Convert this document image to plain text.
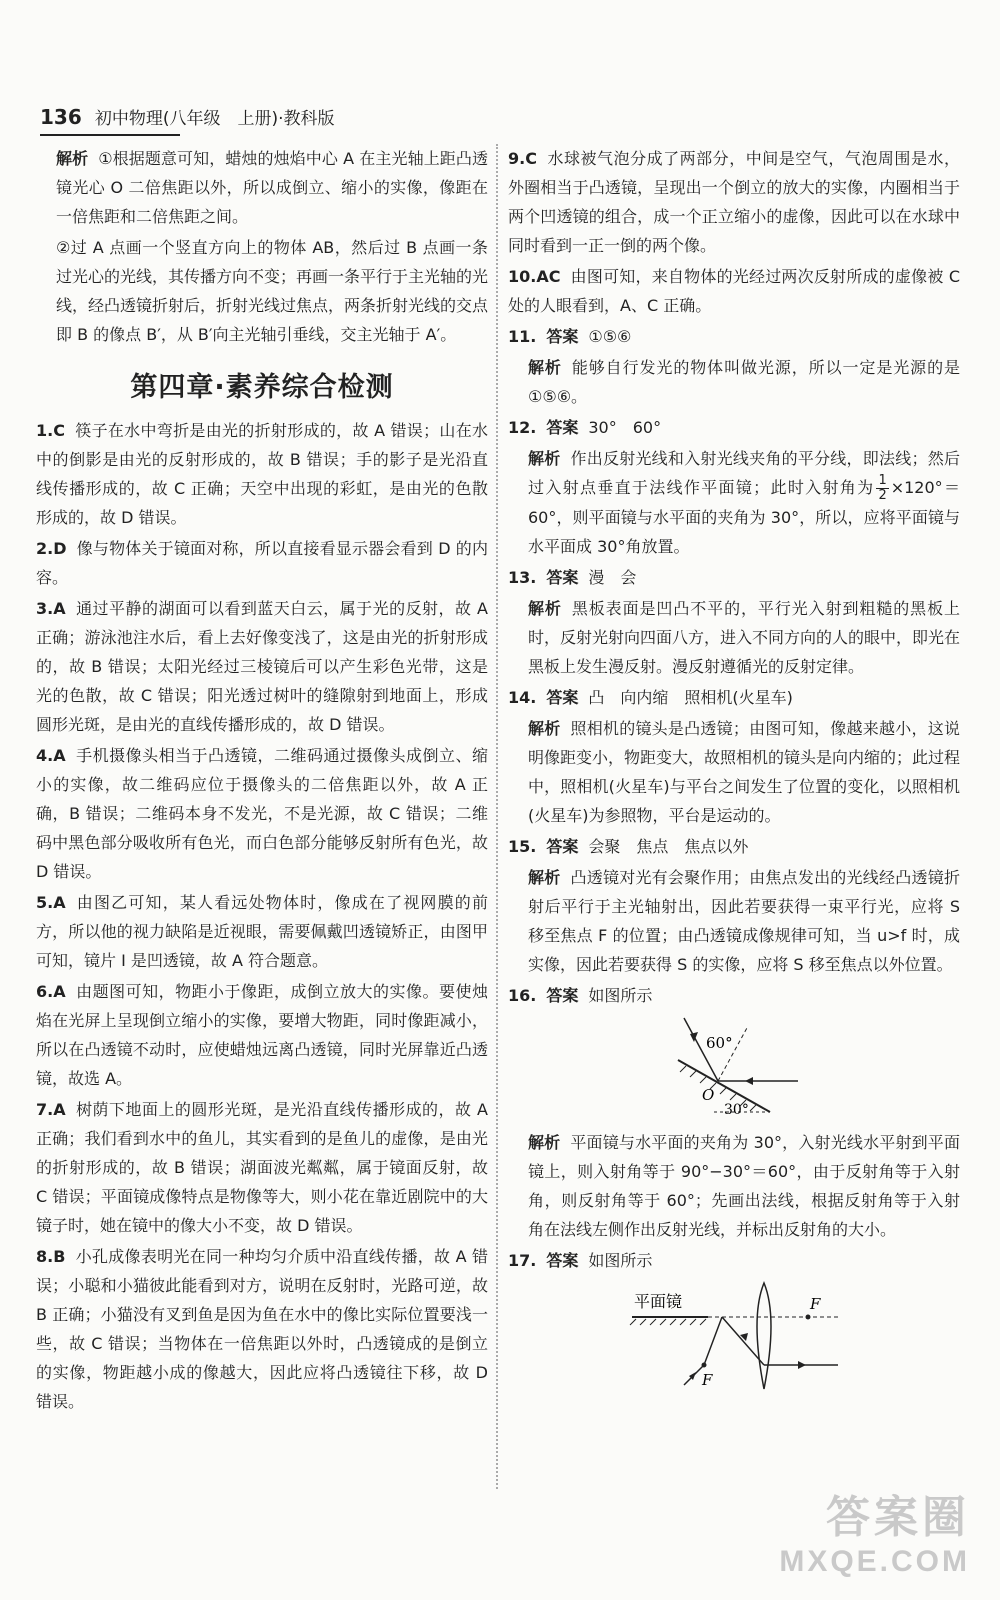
136 初中物理(八年级　上册)·教科版

解析 ①根据题意可知，蜡烛的烛焰中心 A 在主光轴上距凸透镜光心 O 二倍焦距以外，所以成倒立、缩小的实像，像距在一倍焦距和二倍焦距之间。

②过 A 点画一个竖直方向上的物体 AB，然后过 B 点画一条过光心的光线，其传播方向不变；再画一条平行于主光轴的光线，经凸透镜折射后，折射光线过焦点，两条折射光线的交点即 B 的像点 B′，从 B′向主光轴引垂线，交主光轴于 A′。

第四章·素养综合检测

1.C 筷子在水中弯折是由光的折射形成的，故 A 错误；山在水中的倒影是由光的反射形成的，故 B 错误；手的影子是光沿直线传播形成的，故 C 正确；天空中出现的彩虹，是由光的色散形成的，故 D 错误。

2.D 像与物体关于镜面对称，所以直接看显示器会看到 D 的内容。

3.A 通过平静的湖面可以看到蓝天白云，属于光的反射，故 A 正确；游泳池注水后，看上去好像变浅了，这是由光的折射形成的，故 B 错误；太阳光经过三棱镜后可以产生彩色光带，这是光的色散，故 C 错误；阳光透过树叶的缝隙射到地面上，形成圆形光斑，是由光的直线传播形成的，故 D 错误。

4.A 手机摄像头相当于凸透镜，二维码通过摄像头成倒立、缩小的实像，故二维码应位于摄像头的二倍焦距以外，故 A 正确，B 错误；二维码本身不发光，不是光源，故 C 错误；二维码中黑色部分吸收所有色光，而白色部分能够反射所有色光，故 D 错误。

5.A 由图乙可知，某人看远处物体时，像成在了视网膜的前方，所以他的视力缺陷是近视眼，需要佩戴凹透镜矫正，由图甲可知，镜片 Ⅰ 是凹透镜，故 A 符合题意。

6.A 由题图可知，物距小于像距，成倒立放大的实像。要使烛焰在光屏上呈现倒立缩小的实像，要增大物距，同时像距减小，所以在凸透镜不动时，应使蜡烛远离凸透镜，同时光屏靠近凸透镜，故选 A。

7.A 树荫下地面上的圆形光斑，是光沿直线传播形成的，故 A 正确；我们看到水中的鱼儿，其实看到的是鱼儿的虚像，是由光的折射形成的，故 B 错误；湖面波光粼粼，属于镜面反射，故 C 错误；平面镜成像特点是物像等大，则小花在靠近剧院中的大镜子时，她在镜中的像大小不变，故 D 错误。

8.B 小孔成像表明光在同一种均匀介质中沿直线传播，故 A 错误；小聪和小猫彼此能看到对方，说明在反射时，光路可逆，故 B 正确；小猫没有叉到鱼是因为鱼在水中的像比实际位置要浅一些，故 C 错误；当物体在一倍焦距以外时，凸透镜成的是倒立的实像，物距越小成的像越大，因此应将凸透镜往下移，故 D 错误。

9.C 水球被气泡分成了两部分，中间是空气，气泡周围是水，外圈相当于凸透镜，呈现出一个倒立的放大的实像，内圈相当于两个凹透镜的组合，成一个正立缩小的虚像，因此可以在水球中同时看到一正一倒的两个像。

10.AC 由图可知，来自物体的光经过两次反射所成的虚像被 C 处的人眼看到，A、C 正确。

11. 答案 ①⑤⑥

解析 能够自行发光的物体叫做光源，所以一定是光源的是①⑤⑥。

12. 答案 30°　60°

解析 作出反射光线和入射光线夹角的平分线，即法线；然后过入射点垂直于法线作平面镜；此时入射角为 $\frac{1}{2} \times 120^\circ=60^\circ$，则平面镜与水平面的夹角为 30°，所以，应将平面镜与水平面成 30°角放置。

13. 答案 漫　会

解析 黑板表面是凹凸不平的，平行光入射到粗糙的黑板上时，反射光射向四面八方，进入不同方向的人的眼中，即光在黑板上发生漫反射。漫反射遵循光的反射定律。

14. 答案 凸　向内缩　照相机(火星车)

解析 照相机的镜头是凸透镜；由图可知，像越来越小，这说明像距变小，物距变大，故照相机的镜头是向内缩的；此过程中，照相机(火星车)与平台之间发生了位置的变化，以照相机(火星车)为参照物，平台是运动的。

15. 答案 会聚　焦点　焦点以外

解析 凸透镜对光有会聚作用；由焦点发出的光线经凸透镜折射后平行于主光轴射出，因此若要获得一束平行光，应将 S 移至焦点 F 的位置；由凸透镜成像规律可知，当 u>f 时，成实像，因此若要获得 S 的实像，应将 S 移至焦点以外位置。

16. 答案 如图所示

60°
O
30°

解析 平面镜与水平面的夹角为 30°，入射光线水平射到平面镜上，则入射角等于 90°−30°＝60°，由于反射角等于入射角，则反射角等于 60°；先画出法线，根据反射角等于入射角在法线左侧作出反射光线，并标出反射角的大小。

17. 答案 如图所示

平面镜
F
F
答案圈
MXQE.COM
